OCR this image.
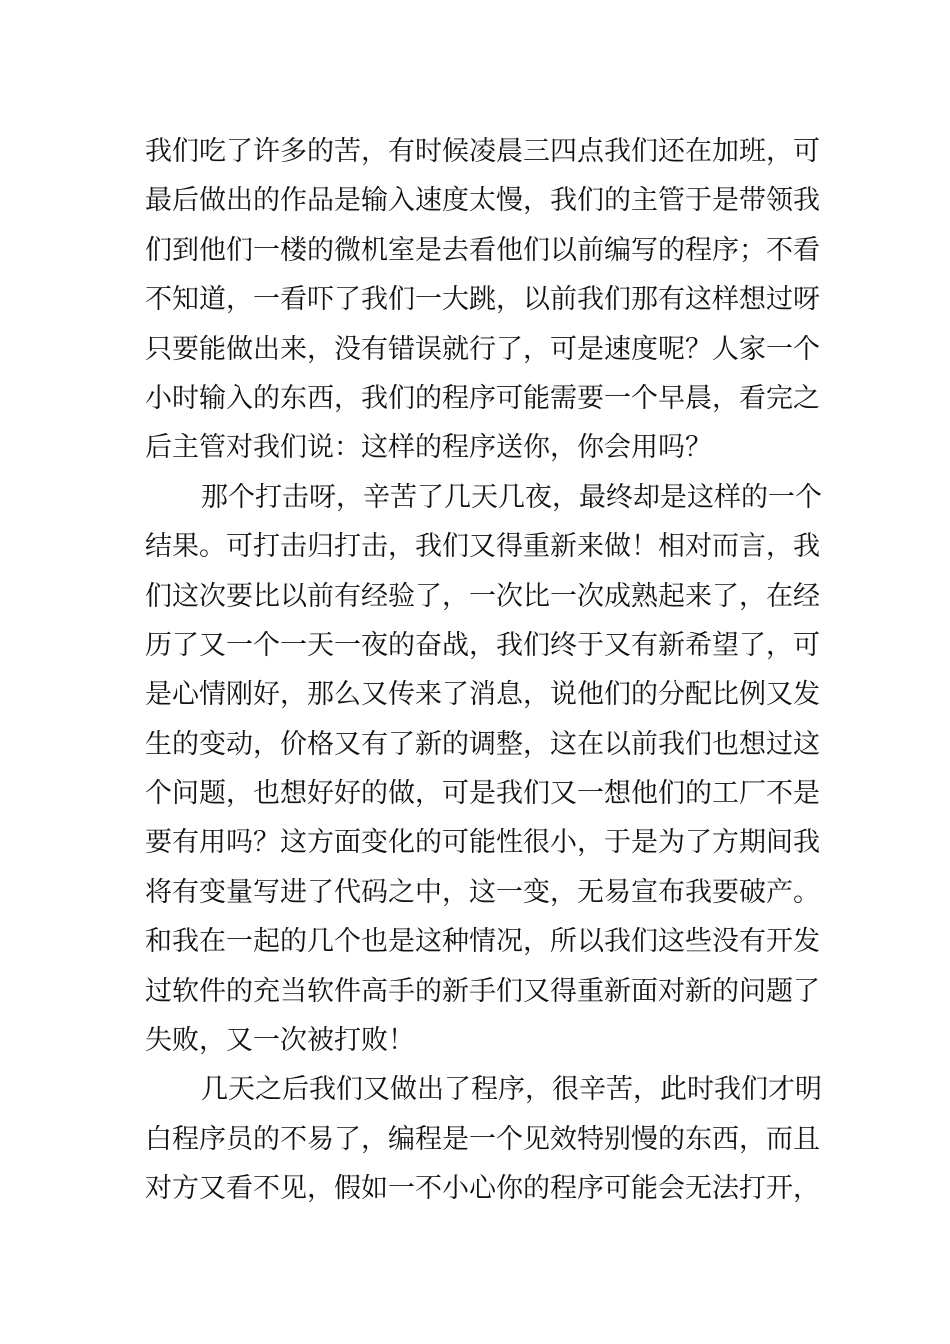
我们吃了许多的苦，有时候凌晨三四点我们还在加班，可
最后做出的作品是输入速度太慢，我们的主管于是带领我
们到他们一楼的微机室是去看他们以前编写的程序；不看
不知道，一看吓了我们一大跳，以前我们那有这样想过呀
只要能做出来，没有错误就行了，可是速度呢？人家一个
小时输入的东西，我们的程序可能需要一个早晨，看完之
后主管对我们说：这样的程序送你，你会用吗？
那个打击呀，辛苦了几天几夜，最终却是这样的一个
结果。可打击归打击，我们又得重新来做！相对而言，我
们这次要比以前有经验了，一次比一次成熟起来了，在经
历了又一个一天一夜的奋战，我们终于又有新希望了，可
是心情刚好，那么又传来了消息，说他们的分配比例又发
生的变动，价格又有了新的调整，这在以前我们也想过这
个问题，也想好好的做，可是我们又一想他们的工厂不是
要有用吗？这方面变化的可能性很小，于是为了方期间我
将有变量写进了代码之中，这一变，无易宣布我要破产。
和我在一起的几个也是这种情况，所以我们这些没有开发
过软件的充当软件高手的新手们又得重新面对新的问题了
失败，又一次被打败！
几天之后我们又做出了程序，很辛苦，此时我们才明
白程序员的不易了，编程是一个见效特别慢的东西，而且
对方又看不见，假如一不小心你的程序可能会无法打开，
